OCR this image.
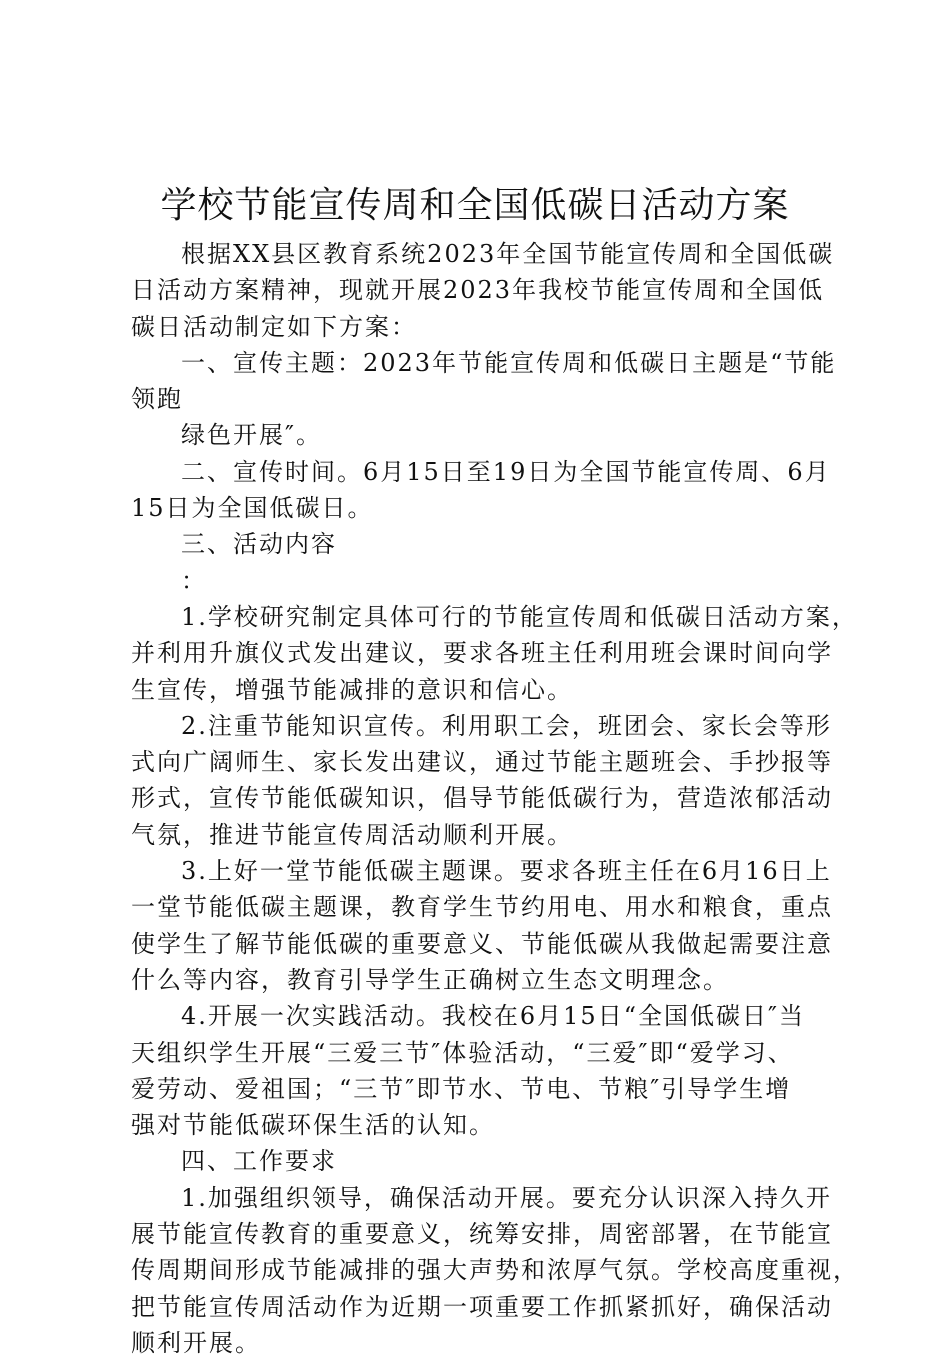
学校节能宣传周和全国低碳日活动方案
根据XX县区教育系统2023年全国节能宣传周和全国低碳
日活动方案精神，现就开展2023年我校节能宣传周和全国低
碳日活动制定如下方案：
一、宣传主题：2023年节能宣传周和低碳日主题是“节能
领跑
绿色开展″。
二、宣传时间。6月15日至19日为全国节能宣传周、6月
15日为全国低碳日。
三、活动内容
：
1.学校研究制定具体可行的节能宣传周和低碳日活动方案，
并利用升旗仪式发出建议，要求各班主任利用班会课时间向学
生宣传，增强节能减排的意识和信心。
2.注重节能知识宣传。利用职工会，班团会、家长会等形
式向广阔师生、家长发出建议，通过节能主题班会、手抄报等
形式，宣传节能低碳知识，倡导节能低碳行为，营造浓郁活动
气氛，推进节能宣传周活动顺利开展。
3.上好一堂节能低碳主题课。要求各班主任在6月16日上
一堂节能低碳主题课，教育学生节约用电、用水和粮食，重点
使学生了解节能低碳的重要意义、节能低碳从我做起需要注意
什么等内容，教育引导学生正确树立生态文明理念。
4.开展一次实践活动。我校在6月15日“全国低碳日″当
天组织学生开展“三爱三节″体验活动，“三爱″即“爱学习、
爱劳动、爱祖国；“三节″即节水、节电、节粮″引导学生增
强对节能低碳环保生活的认知。
四、工作要求
1.加强组织领导，确保活动开展。要充分认识深入持久开
展节能宣传教育的重要意义，统筹安排，周密部署，在节能宣
传周期间形成节能减排的强大声势和浓厚气氛。学校高度重视，
把节能宣传周活动作为近期一项重要工作抓紧抓好，确保活动
顺利开展。
